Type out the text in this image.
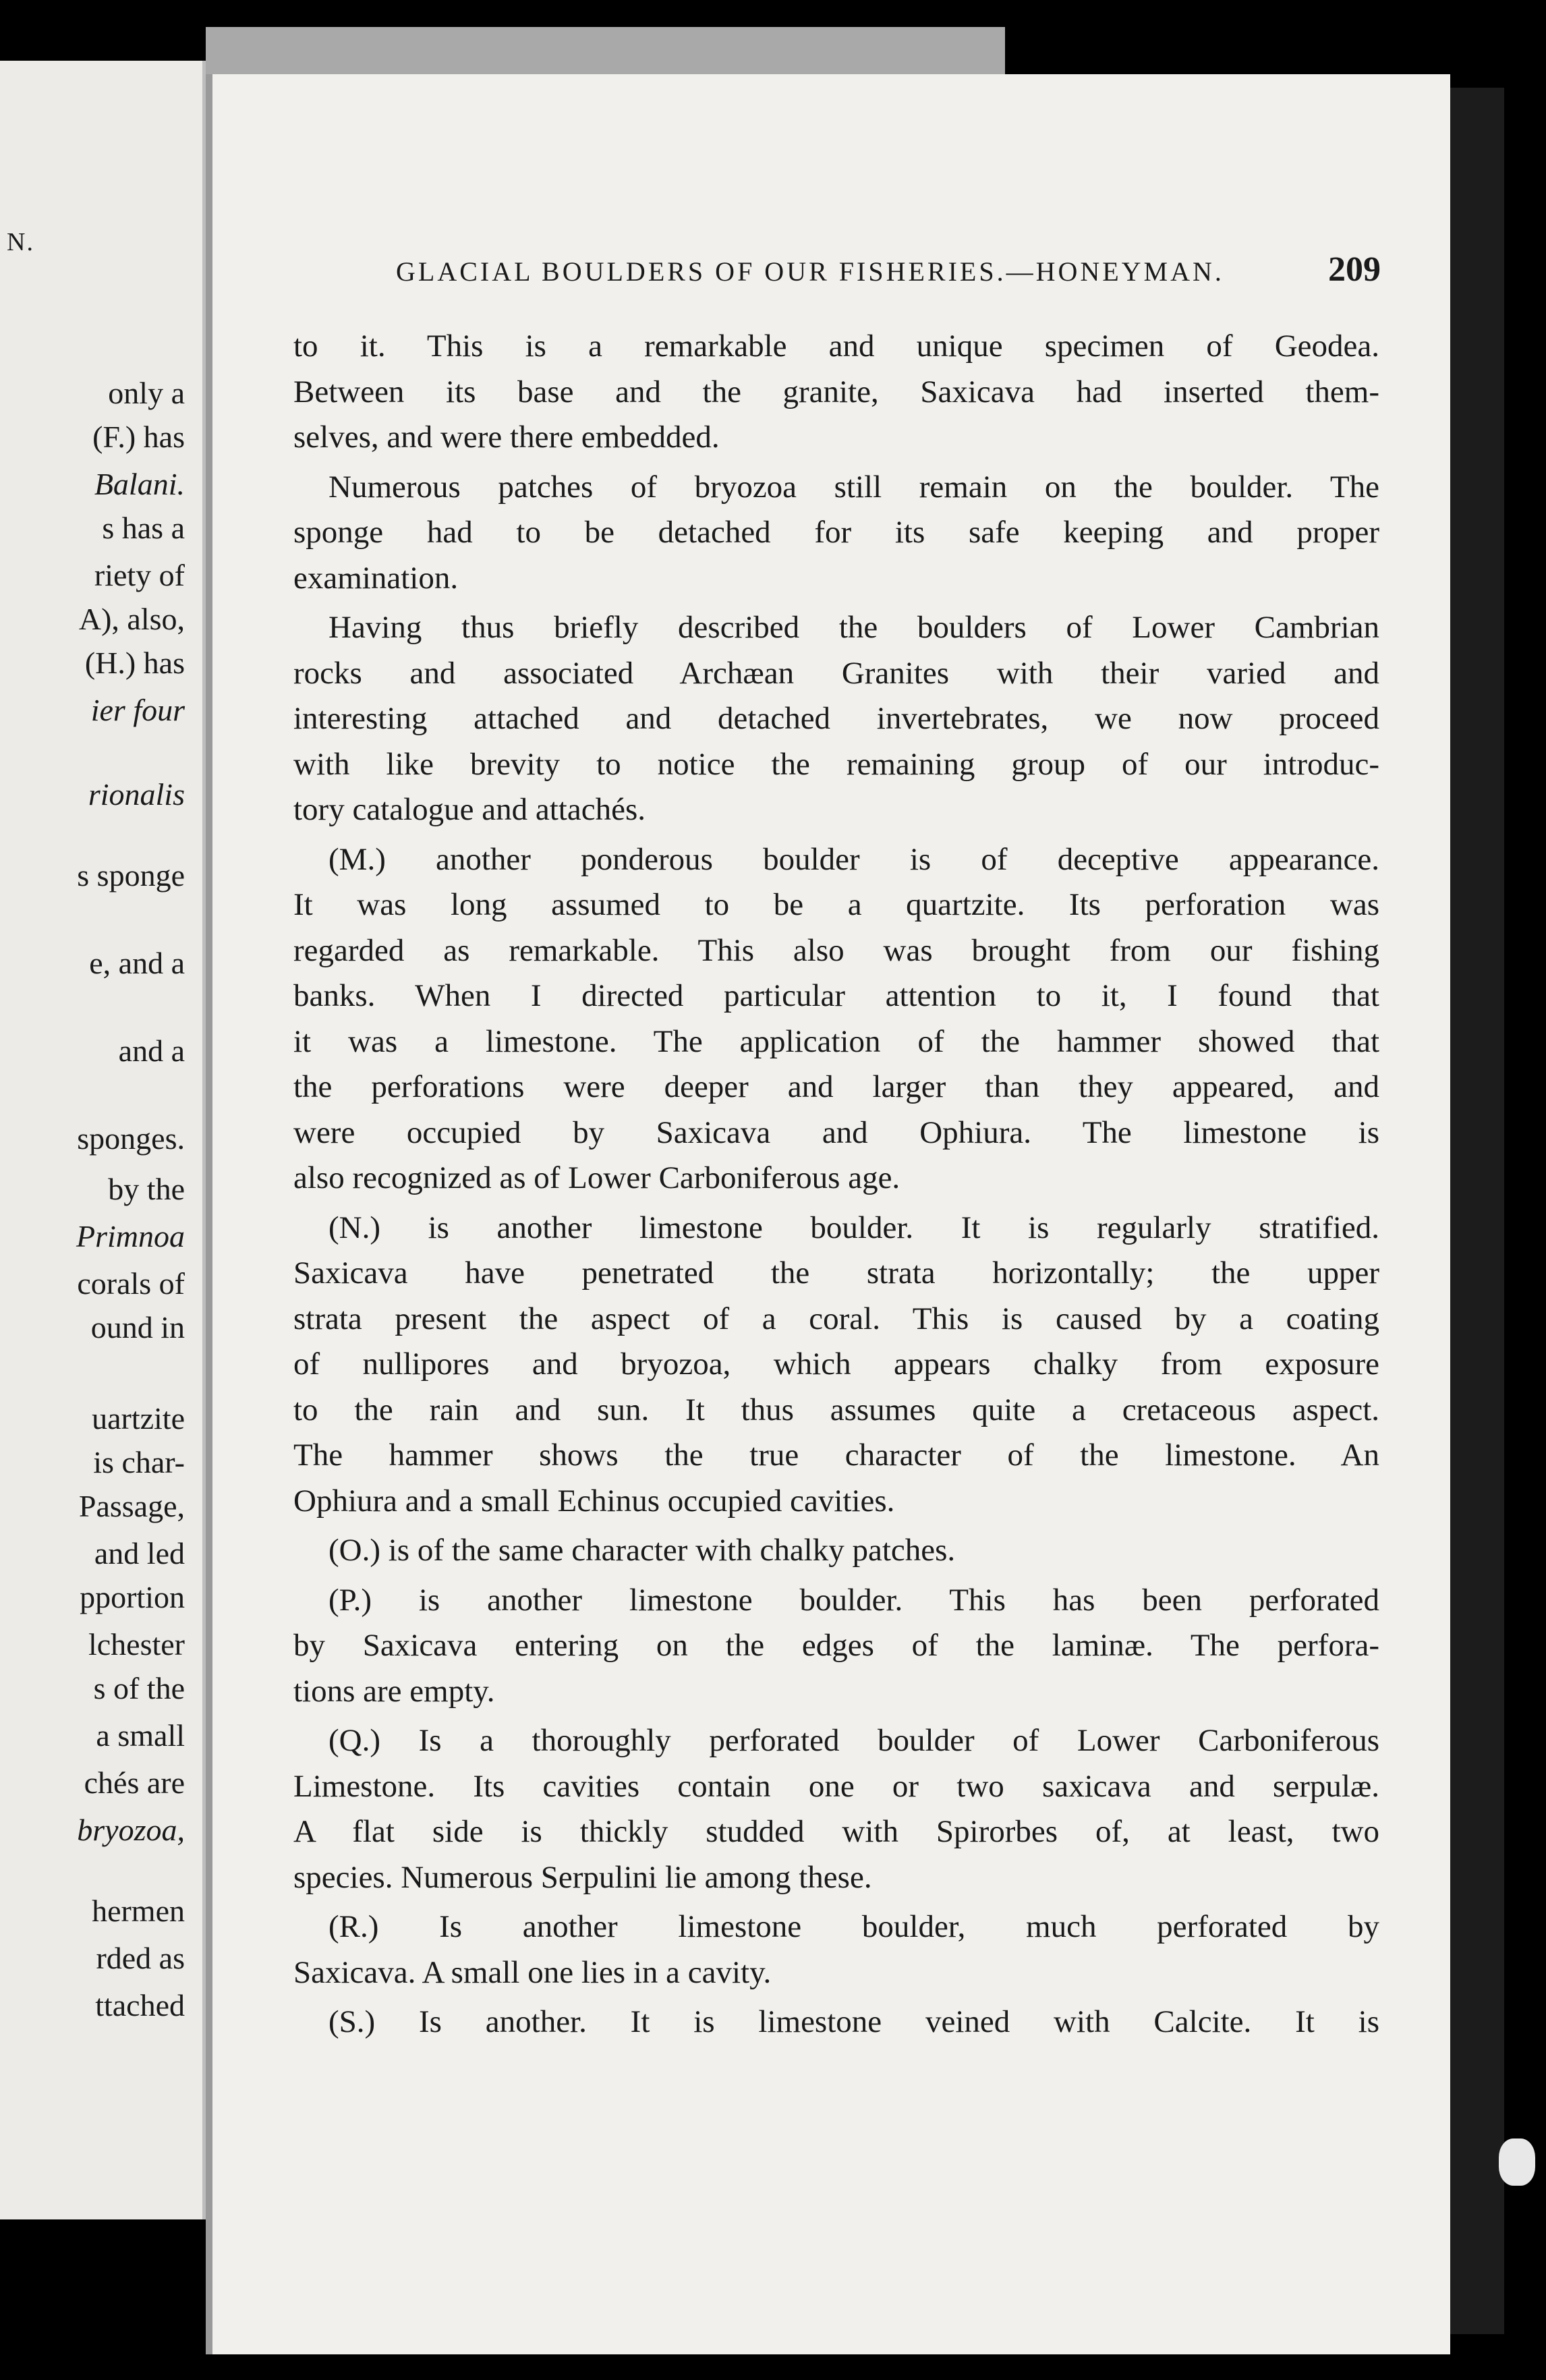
N.
only a
(F.) has
Balani.
s has a
riety of
A), also,
(H.) has
ier four
rionalis
s sponge
e, and a
and a
sponges.
by the
Primnoa
corals of
ound in
uartzite
is char-
Passage,
and led
pportion
lchester
s of the
a small
chés are
bryozoa,
hermen
rded as
ttached
GLACIAL BOULDERS OF OUR FISHERIES.—HONEYMAN.	209
to it. This is a remarkable and unique specimen of Geodea.
Between its base and the granite, Saxicava had inserted them-
selves, and were there embedded.
Numerous patches of bryozoa still remain on the boulder. The
sponge had to be detached for its safe keeping and proper
examination.
Having thus briefly described the boulders of Lower Cambrian
rocks and associated Archæan Granites with their varied and
interesting attached and detached invertebrates, we now proceed
with like brevity to notice the remaining group of our introduc-
tory catalogue and attachés.
(M.) another ponderous boulder is of deceptive appearance.
It was long assumed to be a quartzite. Its perforation was
regarded as remarkable. This also was brought from our fishing
banks. When I directed particular attention to it, I found that
it was a limestone. The application of the hammer showed that
the perforations were deeper and larger than they appeared, and
were occupied by Saxicava and Ophiura. The limestone is
also recognized as of Lower Carboniferous age.
(N.) is another limestone boulder. It is regularly stratified.
Saxicava have penetrated the strata horizontally; the upper
strata present the aspect of a coral. This is caused by a coating
of nullipores and bryozoa, which appears chalky from exposure
to the rain and sun. It thus assumes quite a cretaceous aspect.
The hammer shows the true character of the limestone. An
Ophiura and a small Echinus occupied cavities.
(O.) is of the same character with chalky patches.
(P.) is another limestone boulder. This has been perforated
by Saxicava entering on the edges of the laminæ. The perfora-
tions are empty.
(Q.) Is a thoroughly perforated boulder of Lower Carboniferous
Limestone. Its cavities contain one or two saxicava and serpulæ.
A flat side is thickly studded with Spirorbes of, at least, two
species. Numerous Serpulini lie among these.
(R.) Is another limestone boulder, much perforated by
Saxicava. A small one lies in a cavity.
(S.) Is another. It is limestone veined with Calcite. It is
